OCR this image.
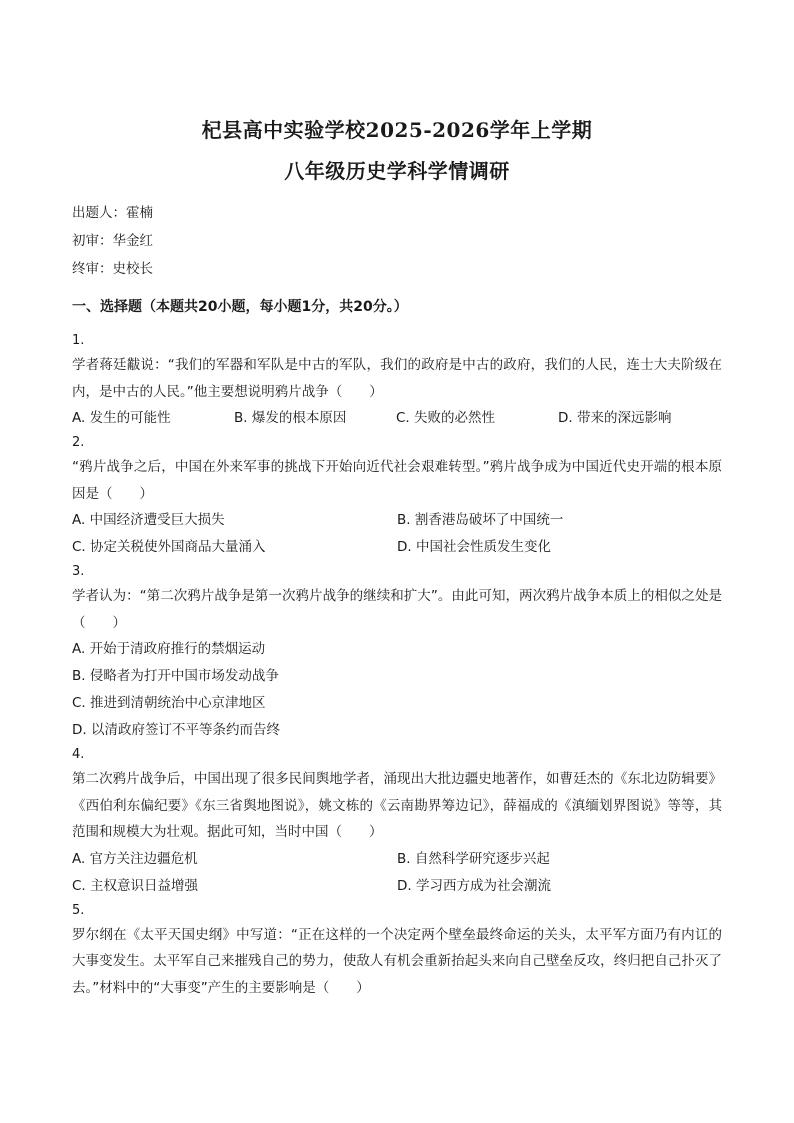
杞县高中实验学校2025-2026学年上学期
八年级历史学科学情调研
出题人：霍楠
初审：华金红
终审：史校长
一、选择题（本题共20小题，每小题1分，共20分。）
1.
学者蒋廷黻说：“我们的军器和军队是中古的军队，我们的政府是中古的政府，我们的人民，连士大夫阶级在内，是中古的人民。”他主要想说明鸦片战争（　　）
A. 发生的可能性	B. 爆发的根本原因	C. 失败的必然性	D. 带来的深远影响
2.
“鸦片战争之后，中国在外来军事的挑战下开始向近代社会艰难转型。”鸦片战争成为中国近代史开端的根本原因是（　　）
A. 中国经济遭受巨大损失	B. 割香港岛破坏了中国统一
C. 协定关税使外国商品大量涌入	D. 中国社会性质发生变化
3.
学者认为：“第二次鸦片战争是第一次鸦片战争的继续和扩大”。由此可知，两次鸦片战争本质上的相似之处是（　　）
A. 开始于清政府推行的禁烟运动
B. 侵略者为打开中国市场发动战争
C. 推进到清朝统治中心京津地区
D. 以清政府签订不平等条约而告终
4.
第二次鸦片战争后，中国出现了很多民间舆地学者，涌现出大批边疆史地著作，如曹廷杰的《东北边防辑要》《西伯利东偏纪要》《东三省舆地图说》，姚文栋的《云南勘界筹边记》，薛福成的《滇缅划界图说》等等，其范围和规模大为壮观。据此可知，当时中国（　　）
A. 官方关注边疆危机	B. 自然科学研究逐步兴起
C. 主权意识日益增强	D. 学习西方成为社会潮流
5.
罗尔纲在《太平天国史纲》中写道：“正在这样的一个决定两个壁垒最终命运的关头，太平军方面乃有内讧的大事变发生。太平军自己来摧残自己的势力，使敌人有机会重新抬起头来向自己壁垒反攻，终归把自己扑灭了去。”材料中的“大事变”产生的主要影响是（　　）
